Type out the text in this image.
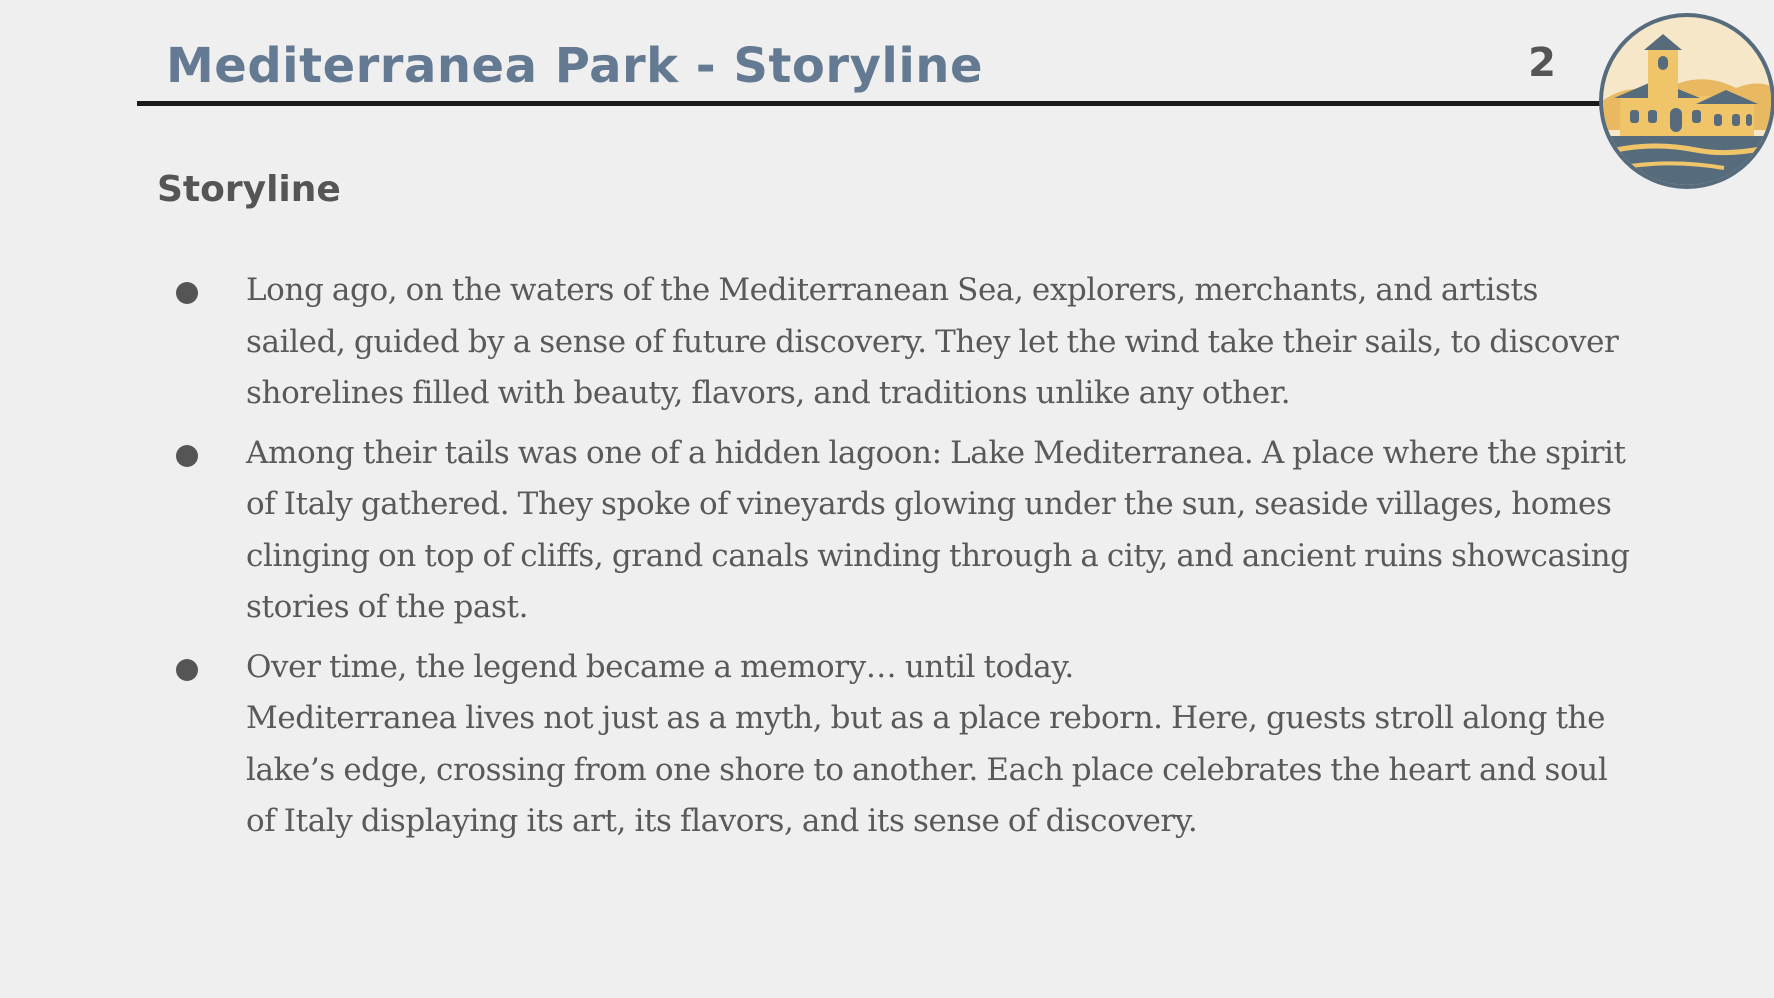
Mediterranea Park - Storyline	2
Storyline

Long ago, on the waters of the Mediterranean Sea, explorers, merchants, and artists sailed, guided by a sense of future discovery. They let the wind take their sails, to discover shorelines filled with beauty, flavors, and traditions unlike any other.

Among their tails was one of a hidden lagoon: Lake Mediterranea. A place where the spirit of Italy gathered. They spoke of vineyards glowing under the sun, seaside villages, homes clinging on top of cliffs, grand canals winding through a city, and ancient ruins showcasing stories of the past.

Over time, the legend became a memory… until today.

Mediterranea lives not just as a myth, but as a place reborn. Here, guests stroll along the lake’s edge, crossing from one shore to another. Each place celebrates the heart and soul of Italy displaying its art, its flavors, and its sense of discovery.
